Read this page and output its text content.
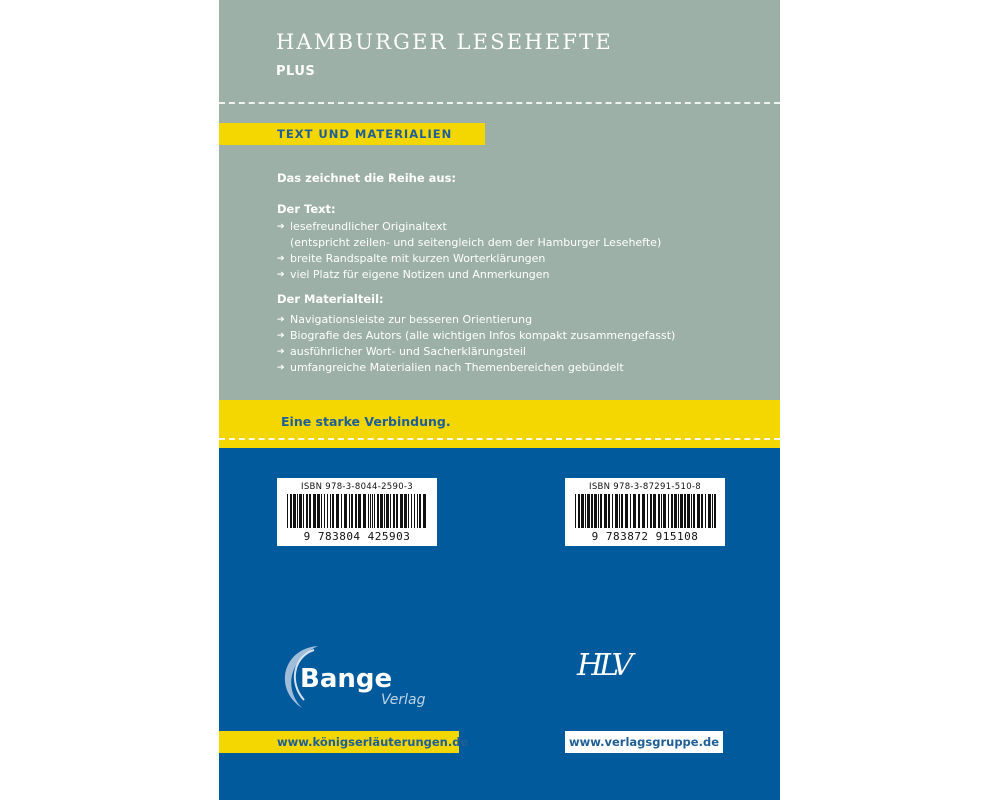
HAMBURGER LESEHEFTE
PLUS
TEXT UND MATERIALIEN
Das zeichnet die Reihe aus:
Der Text:
➔ lesefreundlicher Originaltext
(entspricht zeilen- und seitengleich dem der Hamburger Lesehefte)
➔ breite Randspalte mit kurzen Worterklärungen
➔ viel Platz für eigene Notizen und Anmerkungen
Der Materialteil:
➔ Navigationsleiste zur besseren Orientierung
➔ Biografie des Autors (alle wichtigen Infos kompakt zusammengefasst)
➔ ausführlicher Wort- und Sacherklärungsteil
➔ umfangreiche Materialien nach Themenbereichen gebündelt
Eine starke Verbindung.
ISBN 978-3-8044-2590-3
9 783804 425903
ISBN 978-3-87291-510-8
9 783872 915108
Bange
Verlag
HLV
www.königserläuterungen.de	www.verlagsgruppe.de
